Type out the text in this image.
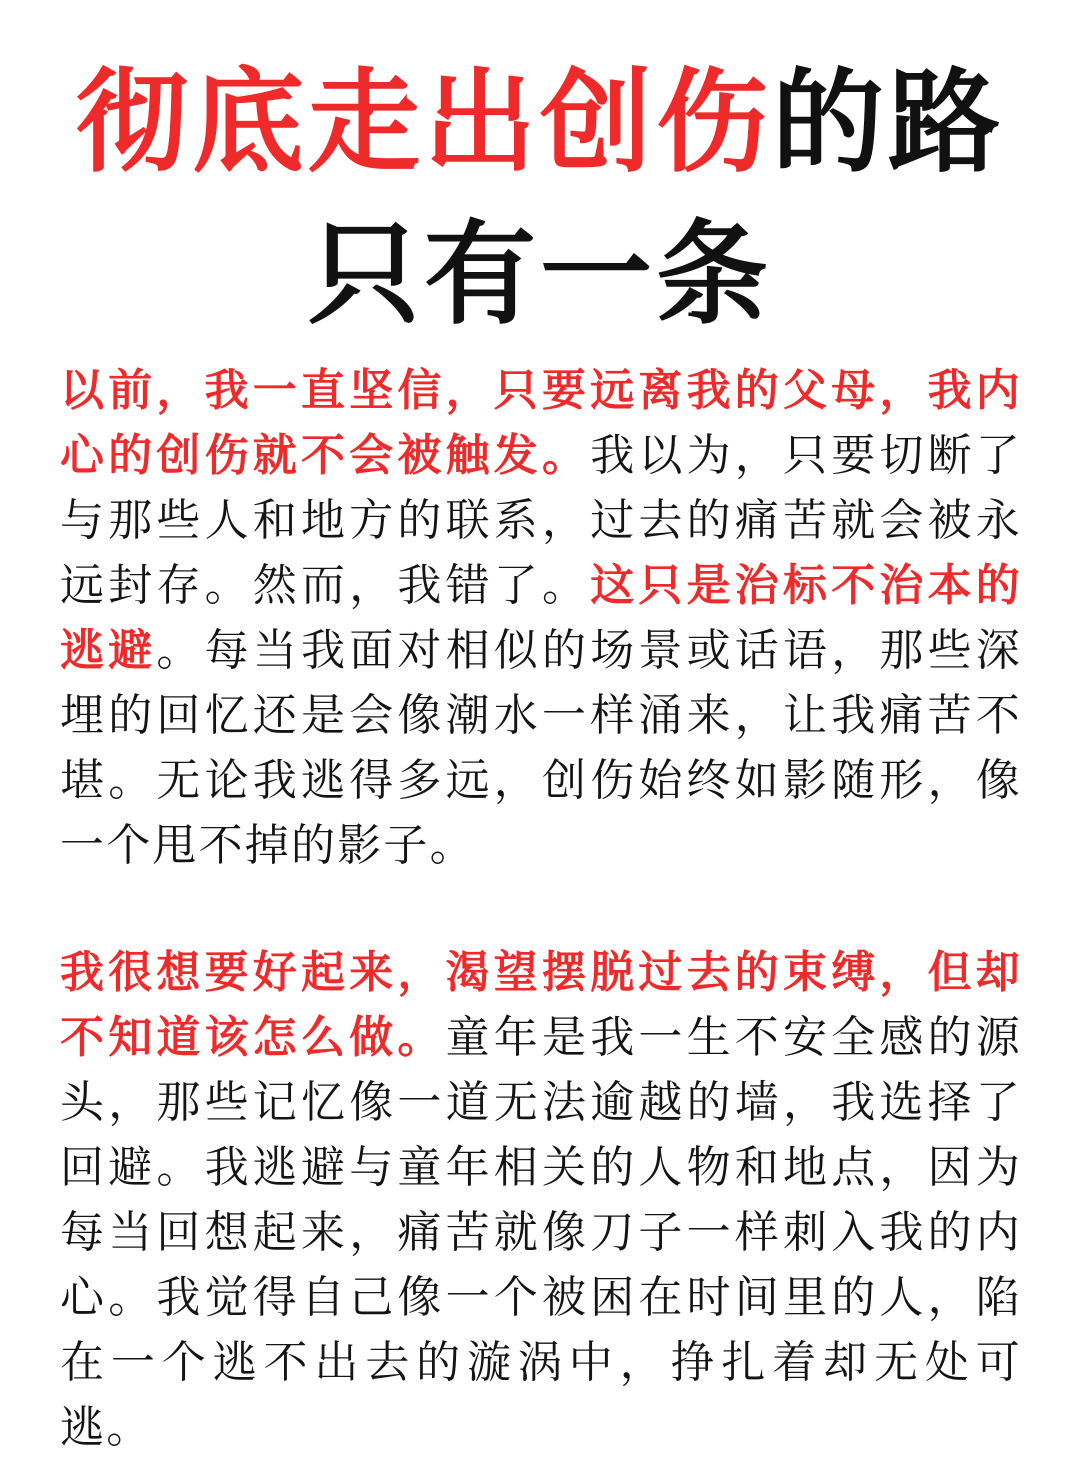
彻底走出创伤的路
只有一条
以前，我一直坚信，只要远离我的父母，我内心的创伤就不会被触发。我以为，只要切断了与那些人和地方的联系，过去的痛苦就会被永远封存。然而，我错了。这只是治标不治本的逃避。每当我面对相似的场景或话语，那些深埋的回忆还是会像潮水一样涌来，让我痛苦不堪。无论我逃得多远，创伤始终如影随形，像一个甩不掉的影子。
我很想要好起来，渴望摆脱过去的束缚，但却不知道该怎么做。童年是我一生不安全感的源头，那些记忆像一道无法逾越的墙，我选择了回避。我逃避与童年相关的人物和地点，因为每当回想起来，痛苦就像刀子一样刺入我的内心。我觉得自己像一个被困在时间里的人，陷在一个逃不出去的漩涡中，挣扎着却无处可逃。
